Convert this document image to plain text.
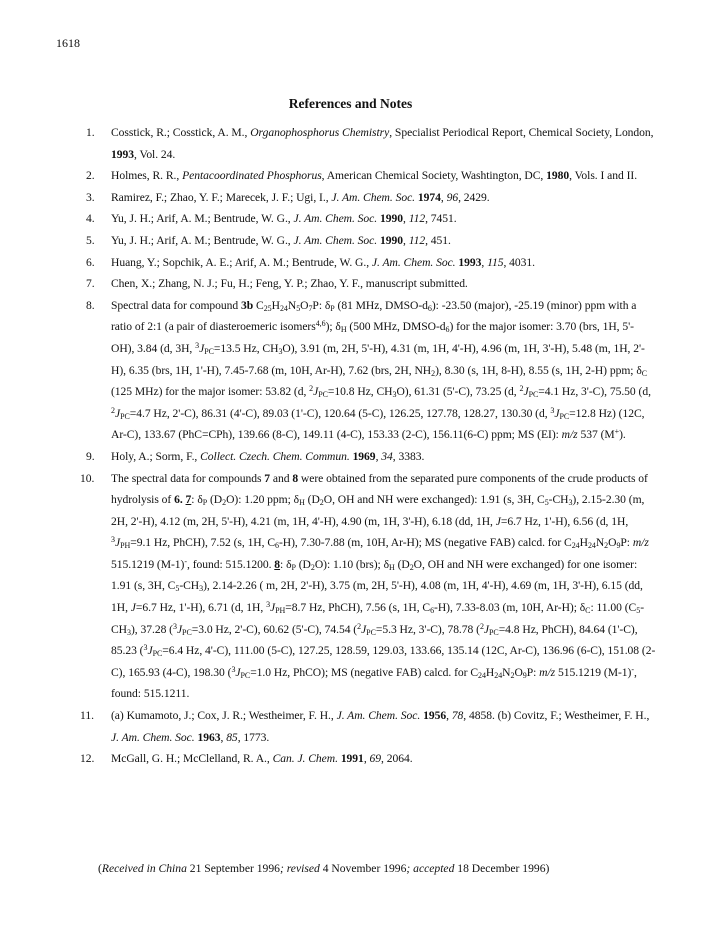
1618
References and Notes
1. Cosstick, R.; Cosstick, A. M., Organophosphorus Chemistry, Specialist Periodical Report, Chemical Society, London, 1993, Vol. 24.
2. Holmes, R. R., Pentacoordinated Phosphorus, American Chemical Society, Washtington, DC, 1980, Vols. I and II.
3. Ramirez, F.; Zhao, Y. F.; Marecek, J. F.; Ugi, I., J. Am. Chem. Soc. 1974, 96, 2429.
4. Yu, J. H.; Arif, A. M.; Bentrude, W. G., J. Am. Chem. Soc. 1990, 112, 7451.
5. Yu, J. H.; Arif, A. M.; Bentrude, W. G., J. Am. Chem. Soc. 1990, 112, 451.
6. Huang, Y.; Sopchik, A. E.; Arif, A. M.; Bentrude, W. G., J. Am. Chem. Soc. 1993, 115, 4031.
7. Chen, X.; Zhang, N. J.; Fu, H.; Feng, Y. P.; Zhao, Y. F., manuscript submitted.
8. Spectral data for compound 3b $C_{25}H_{24}N_5O_7P$: $\delta_P$ (81 MHz, DMSO-$d_6$): -23.50 (major), -25.19 (minor) ppm with a ratio of 2:1 (a pair of diasteroemeric isomers$^{4,6}$); $\delta_H$ (500 MHz, DMSO-$d_6$) for the major isomer: 3.70 (brs, 1H, 5'-OH), 3.84 (d, 3H, $^3J_{PC}=13.5$ Hz, $CH_3O$), 3.91 (m, 2H, 5'-H), 4.31 (m, 1H, 4'-H), 4.96 (m, 1H, 3'-H), 5.48 (m, 1H, 2'-H), 6.35 (brs, 1H, 1'-H), 7.45-7.68 (m, 10H, Ar-H), 7.62 (brs, 2H, $NH_2$), 8.30 (s, 1H, 8-H), 8.55 (s, 1H, 2-H) ppm; $\delta_C$ (125 MHz) for the major isomer: 53.82 (d, $^2J_{PC}=10.8$ Hz, $CH_3O$), 61.31 (5'-C), 73.25 (d, $^2J_{PC}=4.1$ Hz, 3'-C), 75.50 (d, $^2J_{PC}=4.7$ Hz, 2'-C), 86.31 (4'-C), 89.03 (1'-C), 120.64 (5-C), 126.25, 127.78, 128.27, 130.30 (d, $^3J_{PC}=12.8$ Hz) (12C, Ar-C), 133.67 (PhC=CPh), 139.66 (8-C), 149.11 (4-C), 153.33 (2-C), 156.11(6-C) ppm; MS (EI): m/z 537 (M+).
9. Holy, A.; Sorm, F., Collect. Czech. Chem. Commun. 1969, 34, 3383.
10. The spectral data for compounds 7 and 8 were obtained from the separated pure components of the crude products of hydrolysis of 6. 7: $\delta_P$ $(D_2O)$: 1.20 ppm; $\delta_H$ ($D_2O$, OH and NH were exchanged): 1.91 (s, 3H, $C_5-CH_3$), 2.15-2.30 (m, 2H, 2'-H), 4.12 (m, 2H, 5'-H), 4.21 (m, 1H, 4'-H), 4.90 (m, 1H, 3'-H), 6.18 (dd, 1H, J=6.7 Hz, 1'-H), 6.56 (d, 1H, $^3J_{PH}=9.1$ Hz, PhCH), 7.52 (s, 1H, $C_6-H$), 7.30-7.88 (m, 10H, Ar-H); MS (negative FAB) calcd. for $C_{24}H_{24}N_2O_9P$: m/z 515.1219 (M-1)-, found: 515.1200. 8: $\delta_P$ $(D_2O)$: 1.10 (brs); $\delta_H$ ($D_2O$, OH and NH were exchanged) for one isomer: 1.91 (s, 3H, $C_5-CH_3$), 2.14-2.26 ( m, 2H, 2'-H), 3.75 (m, 2H, 5'-H), 4.08 (m, 1H, 4'-H), 4.69 (m, 1H, 3'-H), 6.15 (dd, 1H, J=6.7 Hz, 1'-H), 6.71 (d, 1H, $^3J_{PH}=8.7$ Hz, PhCH), 7.56 (s, 1H, $C_6-H$), 7.33-8.03 (m, 10H, Ar-H); $\delta_C$: 11.00 $(C_5-CH_3)$, 37.28 ($^3J_{PC}=3.0$ Hz, 2'-C), 60.62 (5'-C), 74.54 ($^2J_{PC}=5.3$ Hz, 3'-C), 78.78 ($^2J_{PC}=4.8$ Hz, PhCH), 84.64 (1'-C), 85.23 ($^3J_{PC}=6.4$ Hz, 4'-C), 111.00 (5-C), 127.25, 128.59, 129.03, 133.66, 135.14 (12C, Ar-C), 136.96 (6-C), 151.08 (2-C), 165.93 (4-C), 198.30 ($^3J_{PC}=1.0$ Hz, PhCO); MS (negative FAB) calcd. for $C_{24}H_{24}N_2O_9P$: m/z 515.1219 (M-1)-, found: 515.1211.
11. (a) Kumamoto, J.; Cox, J. R.; Westheimer, F. H., J. Am. Chem. Soc. 1956, 78, 4858. (b) Covitz, F.; Westheimer, F. H., J. Am. Chem. Soc. 1963, 85, 1773.
12. McGall, G. H.; McClelland, R. A., Can. J. Chem. 1991, 69, 2064.
(Received in China 21 September 1996; revised 4 November 1996; accepted 18 December 1996)
